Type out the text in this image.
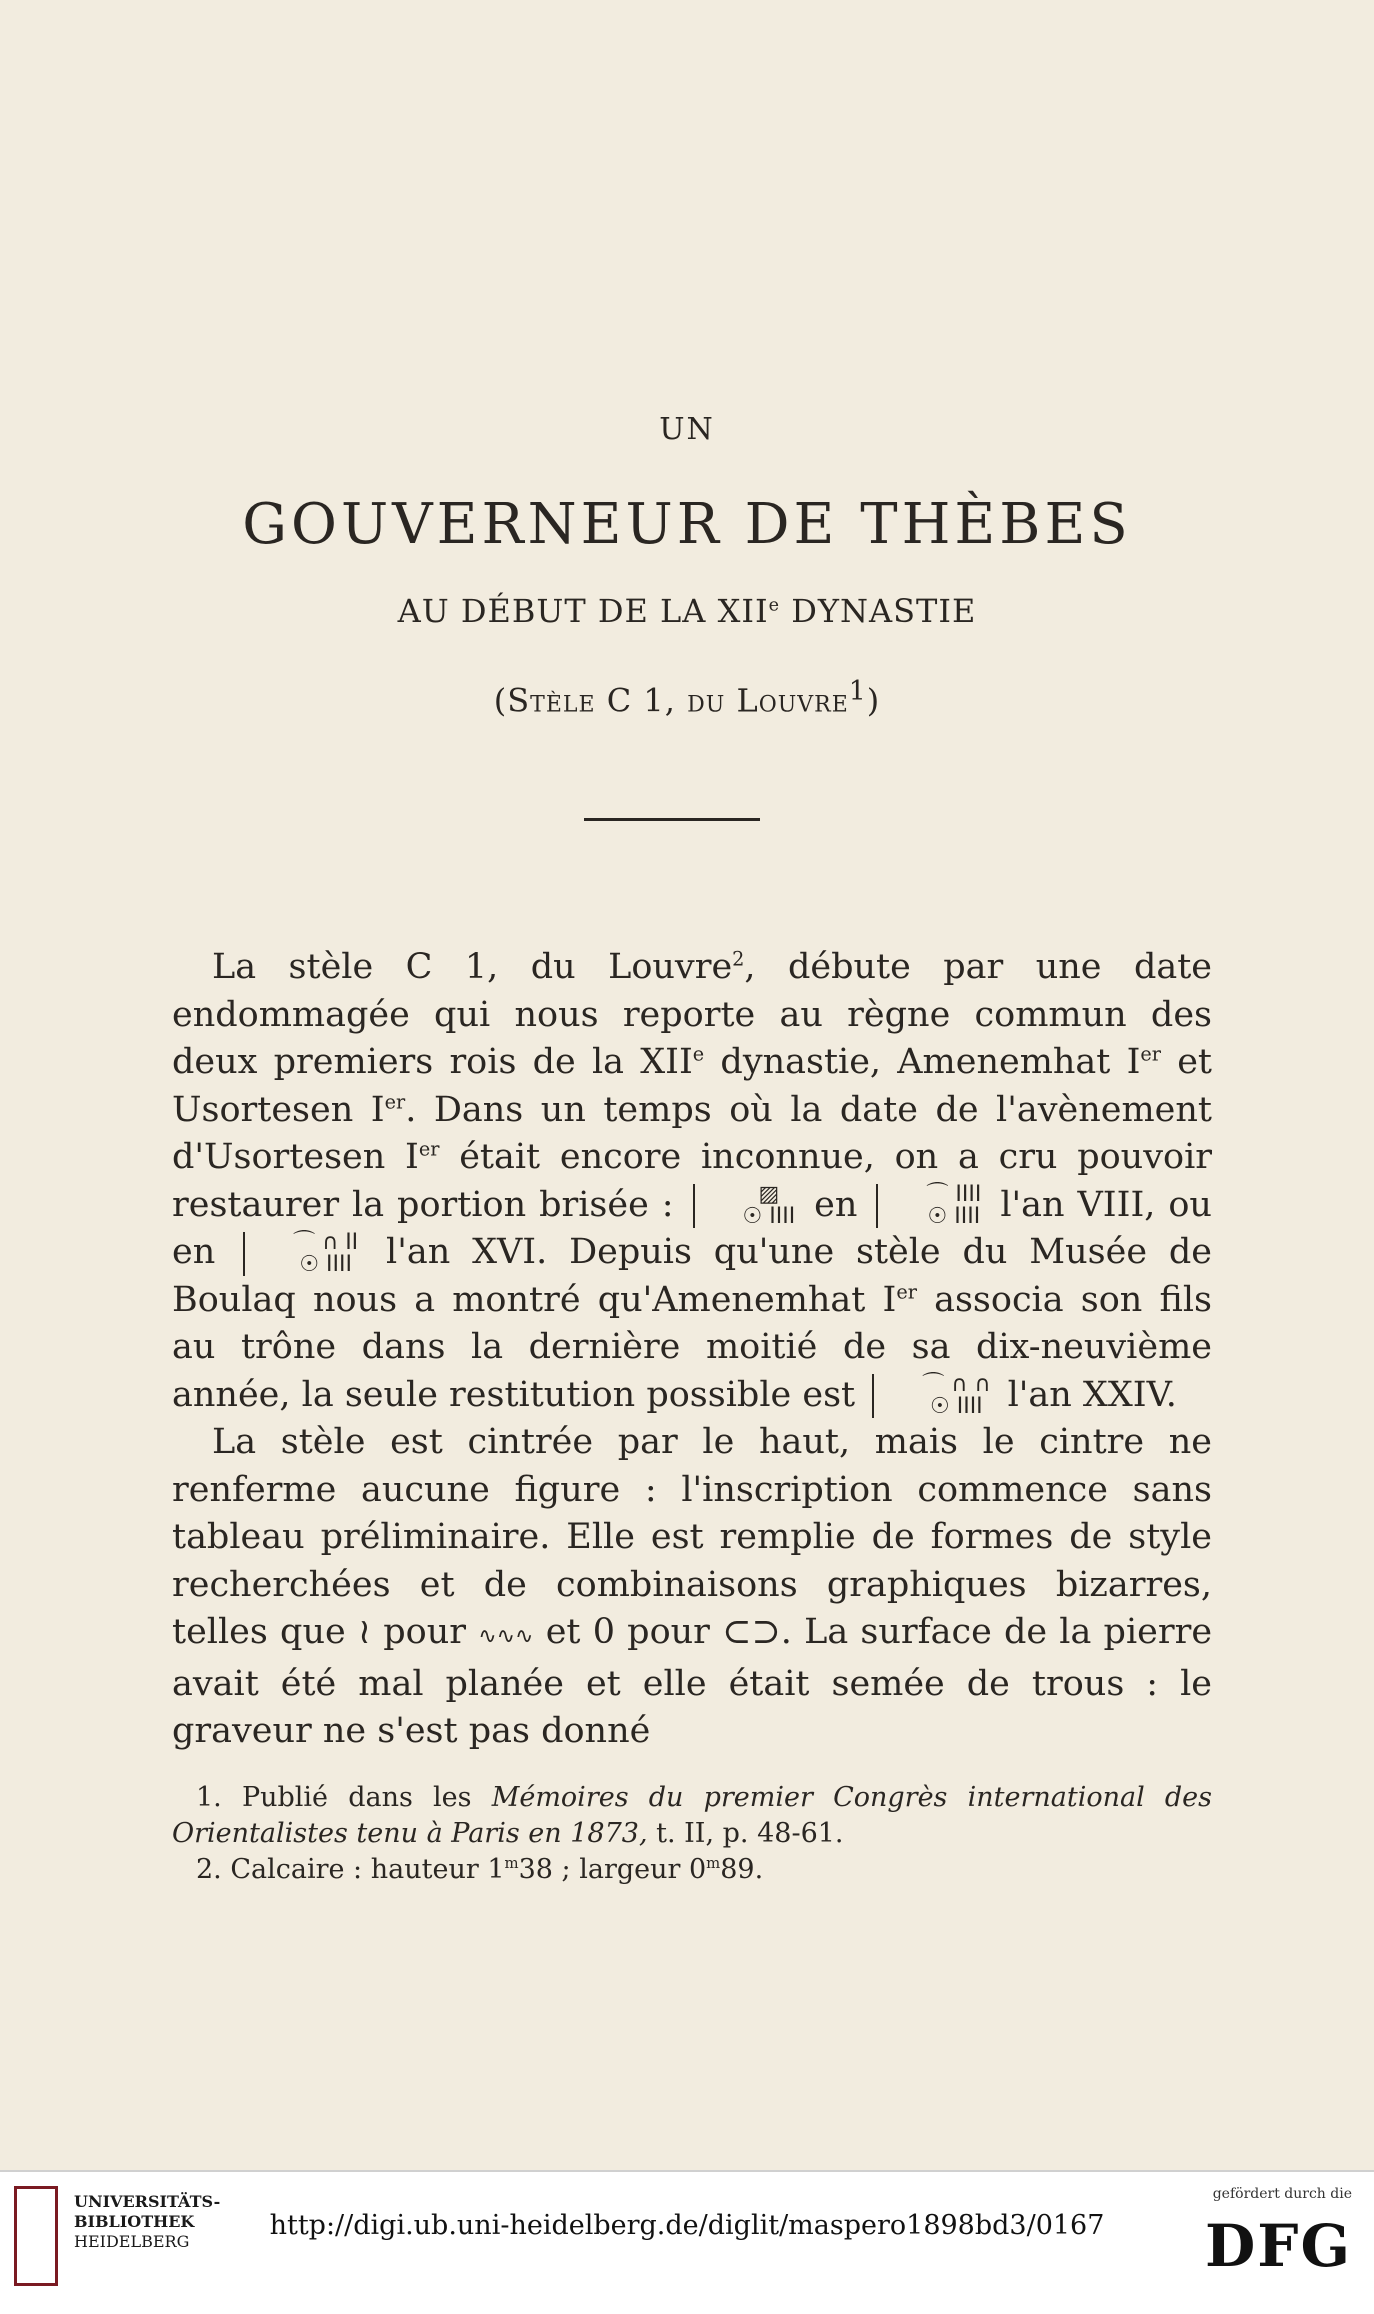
UN
GOUVERNEUR DE THÈBES
AU DÉBUT DE LA XIIe DYNASTIE
(Stèle C 1, du Louvre$^1$)

La stèle C 1, du Louvre$^2$, débute par une date endommagée qui nous reporte au règne commun des deux premiers rois de la XIIe dynastie, Amenemhat Ier et Usortesen Ier. Dans un temps où la date de l'avènement d'Usortesen Ier était encore inconnue, on a cru pouvoir restaurer la portion brisée :	▨
☉ IIII en	⌒ IIII
☉ IIII l'an VIII, ou en	⌒ ∩ II
☉ IIII l'an XVI. Depuis qu'une stèle du Musée de Boulaq nous a montré qu'Amenemhat Ier associa son fils au trône dans la dernière moitié de sa dix-neuvième année, la seule restitution possible est	⌒ ∩ ∩
☉ IIII l'an XXIV.

La stèle est cintrée par le haut, mais le cintre ne renferme aucune figure : l'inscription commence sans tableau préliminaire. Elle est remplie de formes de style recherchées et de combinaisons graphiques bizarres, telles que ≀ pour ∿∿∿ et 0 pour ⊂⊃. La surface de la pierre avait été mal planée et elle était semée de trous : le graveur ne s'est pas donné

1. Publié dans les Mémoires du premier Congrès international des Orientalistes tenu à Paris en 1873, t. II, p. 48-61.

2. Calcaire : hauteur 1$^m$38 ; largeur 0$^m$89.

UNIVERSITÄTS-
BIBLIOTHEK
HEIDELBERG
http://digi.ub.uni-heidelberg.de/diglit/maspero1898bd3/0167
gefördert durch die
DFG
